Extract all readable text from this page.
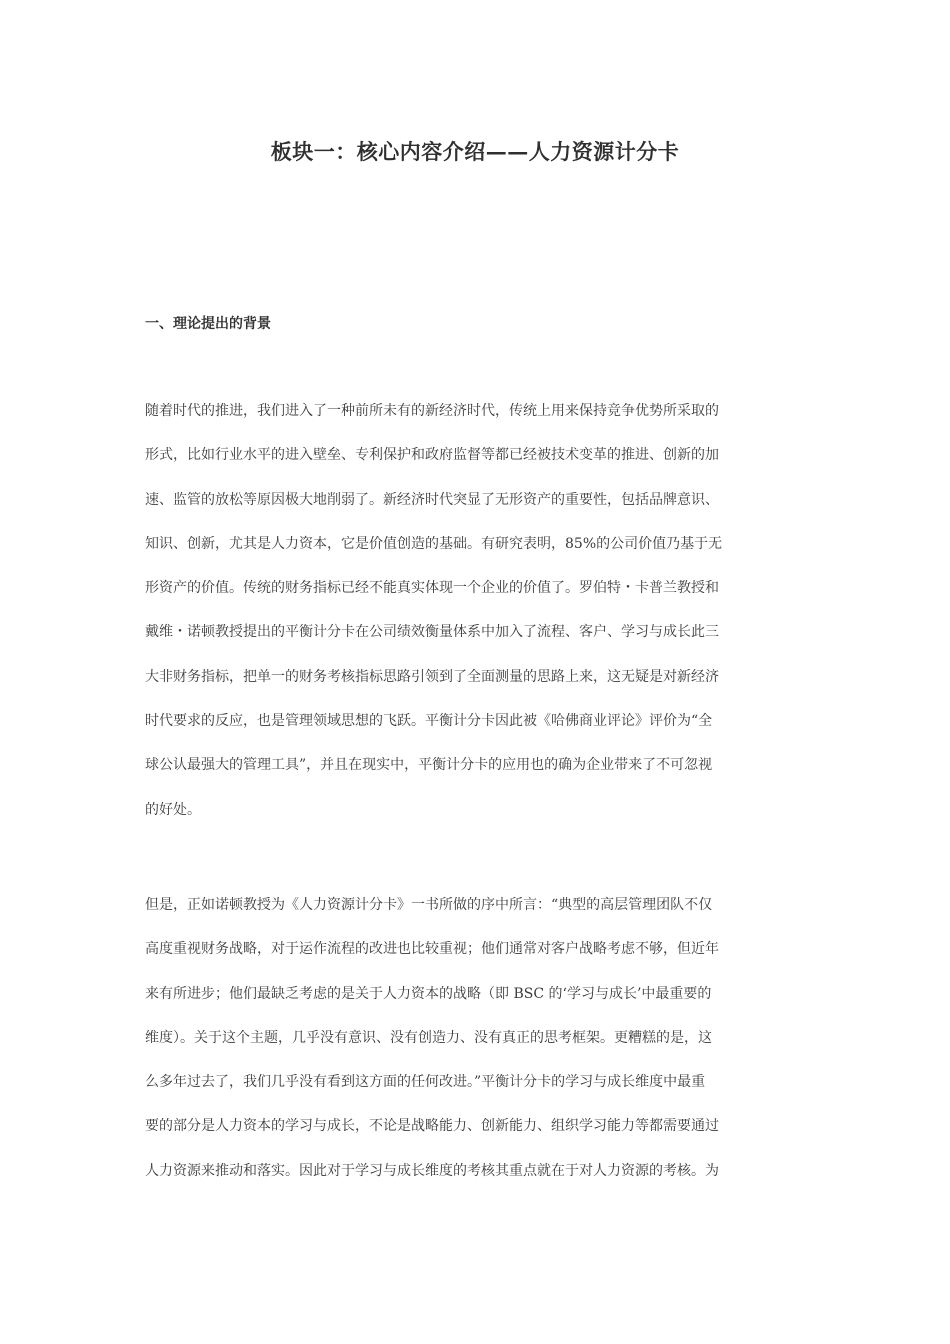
板块一：核心内容介绍——人力资源计分卡
一、理论提出的背景

随着时代的推进，我们进入了一种前所未有的新经济时代，传统上用来保持竞争优势所采取的
形式，比如行业水平的进入壁垒、专利保护和政府监督等都已经被技术变革的推进、创新的加
速、监管的放松等原因极大地削弱了。新经济时代突显了无形资产的重要性，包括品牌意识、
知识、创新，尤其是人力资本，它是价值创造的基础。有研究表明，85%的公司价值乃基于无
形资产的价值。传统的财务指标已经不能真实体现一个企业的价值了。罗伯特・卡普兰教授和
戴维・诺顿教授提出的平衡计分卡在公司绩效衡量体系中加入了流程、客户、学习与成长此三
大非财务指标，把单一的财务考核指标思路引领到了全面测量的思路上来，这无疑是对新经济
时代要求的反应，也是管理领域思想的飞跃。平衡计分卡因此被《哈佛商业评论》评价为“全
球公认最强大的管理工具”，并且在现实中，平衡计分卡的应用也的确为企业带来了不可忽视
的好处。

但是，正如诺顿教授为《人力资源计分卡》一书所做的序中所言：“典型的高层管理团队不仅
高度重视财务战略，对于运作流程的改进也比较重视；他们通常对客户战略考虑不够，但近年
来有所进步；他们最缺乏考虑的是关于人力资本的战略（即 BSC 的‘学习与成长’中最重要的
维度）。关于这个主题，几乎没有意识、没有创造力、没有真正的思考框架。更糟糕的是，这
么多年过去了，我们几乎没有看到这方面的任何改进。”平衡计分卡的学习与成长维度中最重
要的部分是人力资本的学习与成长，不论是战略能力、创新能力、组织学习能力等都需要通过
人力资源来推动和落实。因此对于学习与成长维度的考核其重点就在于对人力资源的考核。为
